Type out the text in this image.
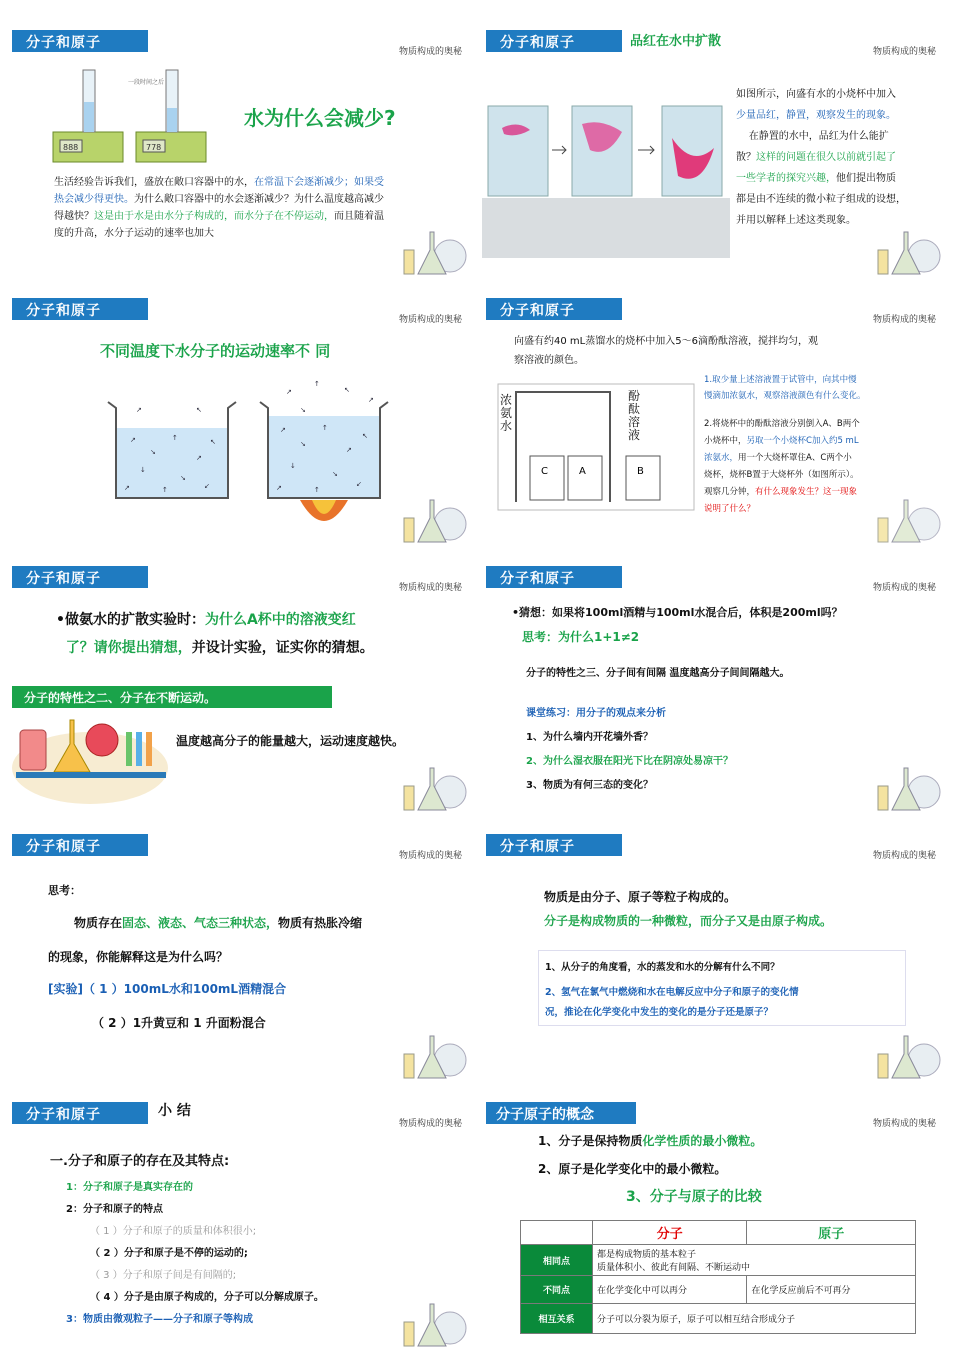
分子和原子
物质构成的奥秘
888	778
一段时间之后
水为什么会减少?
生活经验告诉我们，盛放在敞口容器中的水，在常温下会逐渐减少；如果受
热会减少得更快。为什么敞口容器中的水会逐渐减少？为什么温度越高减少
得越快？这是由于水是由水分子构成的，而水分子在不停运动，而且随着温
度的升高，水分子运动的速率也加大
分子和原子	品红在水中扩散
物质构成的奥秘
如图所示，向盛有水的小烧杯中加入
少量品红，静置，观察发生的现象。
在静置的水中，品红为什么能扩
散？这样的问题在很久以前就引起了
一些学者的探究兴趣，他们提出物质
都是由不连续的微小粒子组成的设想，
并用以解释上述这类现象。
分子和原子
物质构成的奥秘
不同温度下水分子的运动速率不 同
↗
↘
↑
↗
↓
↘
↖
↗	↑	↙
↗	↖
↗
↘
↑
↗
↓
↘
↖
↗	↑
↙
↗
↑
↖
↗
↘
分子和原子
物质构成的奥秘
向盛有约40 mL蒸馏水的烧杯中加入5～6滴酚酞溶液，搅拌均匀，观
察溶液的颜色。
C	A	B
浓氨水
酚酞溶液
1.取少量上述溶液置于试管中，向其中慢
慢滴加浓氨水，观察溶液颜色有什么变化。
2.将烧杯中的酚酞溶液分别倒入A、B两个
小烧杯中，另取一个小烧杯C加入约5 mL
浓氨水，用一个大烧杯罩住A、C两个小
烧杯，烧杯B置于大烧杯外（如图所示）。
观察几分钟，有什么现象发生？这一现象
说明了什么？
分子和原子
物质构成的奥秘
•做氨水的扩散实验时：为什么A杯中的溶液变红
了？请你提出猜想，并设计实验，证实你的猜想。
分子的特性之二、分子在不断运动。
温度越高分子的能量越大，运动速度越快。
分子和原子
物质构成的奥秘
•猜想：如果将100ml酒精与100ml水混合后，体积是200ml吗？
思考：为什么1+1≠2
分子的特性之三、分子间有间隔 温度越高分子间间隔越大。
课堂练习：用分子的观点来分析
1、为什么墙内开花墙外香？
2、为什么湿衣服在阳光下比在阴凉处易凉干？
3、物质为有何三态的变化？
分子和原子
物质构成的奥秘
思考：
物质存在固态、液态、气态三种状态，物质有热胀冷缩
的现象，你能解释这是为什么吗？
[实验]（ 1 ）100mL水和100mL酒精混合
（ 2 ）1升黄豆和 1 升面粉混合
分子和原子
物质构成的奥秘
物质是由分子、原子等粒子构成的。
分子是构成物质的一种微粒，而分子又是由原子构成。
1、从分子的角度看，水的蒸发和水的分解有什么不同？
2、氢气在氯气中燃烧和水在电解反应中分子和原子的变化情
况，推论在化学变化中发生的变化的是分子还是原子？
分子和原子	小 结
物质构成的奥秘
一.分子和原子的存在及其特点:
1：分子和原子是真实存在的
2：分子和原子的特点
（ 1 ）分子和原子的质量和体积很小;
（ 2 ）分子和原子是不停的运动的;
（ 3 ）分子和原子间是有间隔的;
（ 4 ）分子是由原子构成的，分子可以分解成原子。
3：物质由微观粒子——分子和原子等构成
分子原子的概念
物质构成的奥秘
1、分子是保持物质化学性质的最小微粒。
2、原子是化学变化中的最小微粒。
3、分子与原子的比较
	分子	原子
相同点	都是构成物质的基本粒子
质量体积小、彼此有间隔、不断运动中	

不同点	在化学变化中可以再分	在化学反应前后不可再分
相互关系	分子可以分裂为原子，原子可以相互结合形成分子	
